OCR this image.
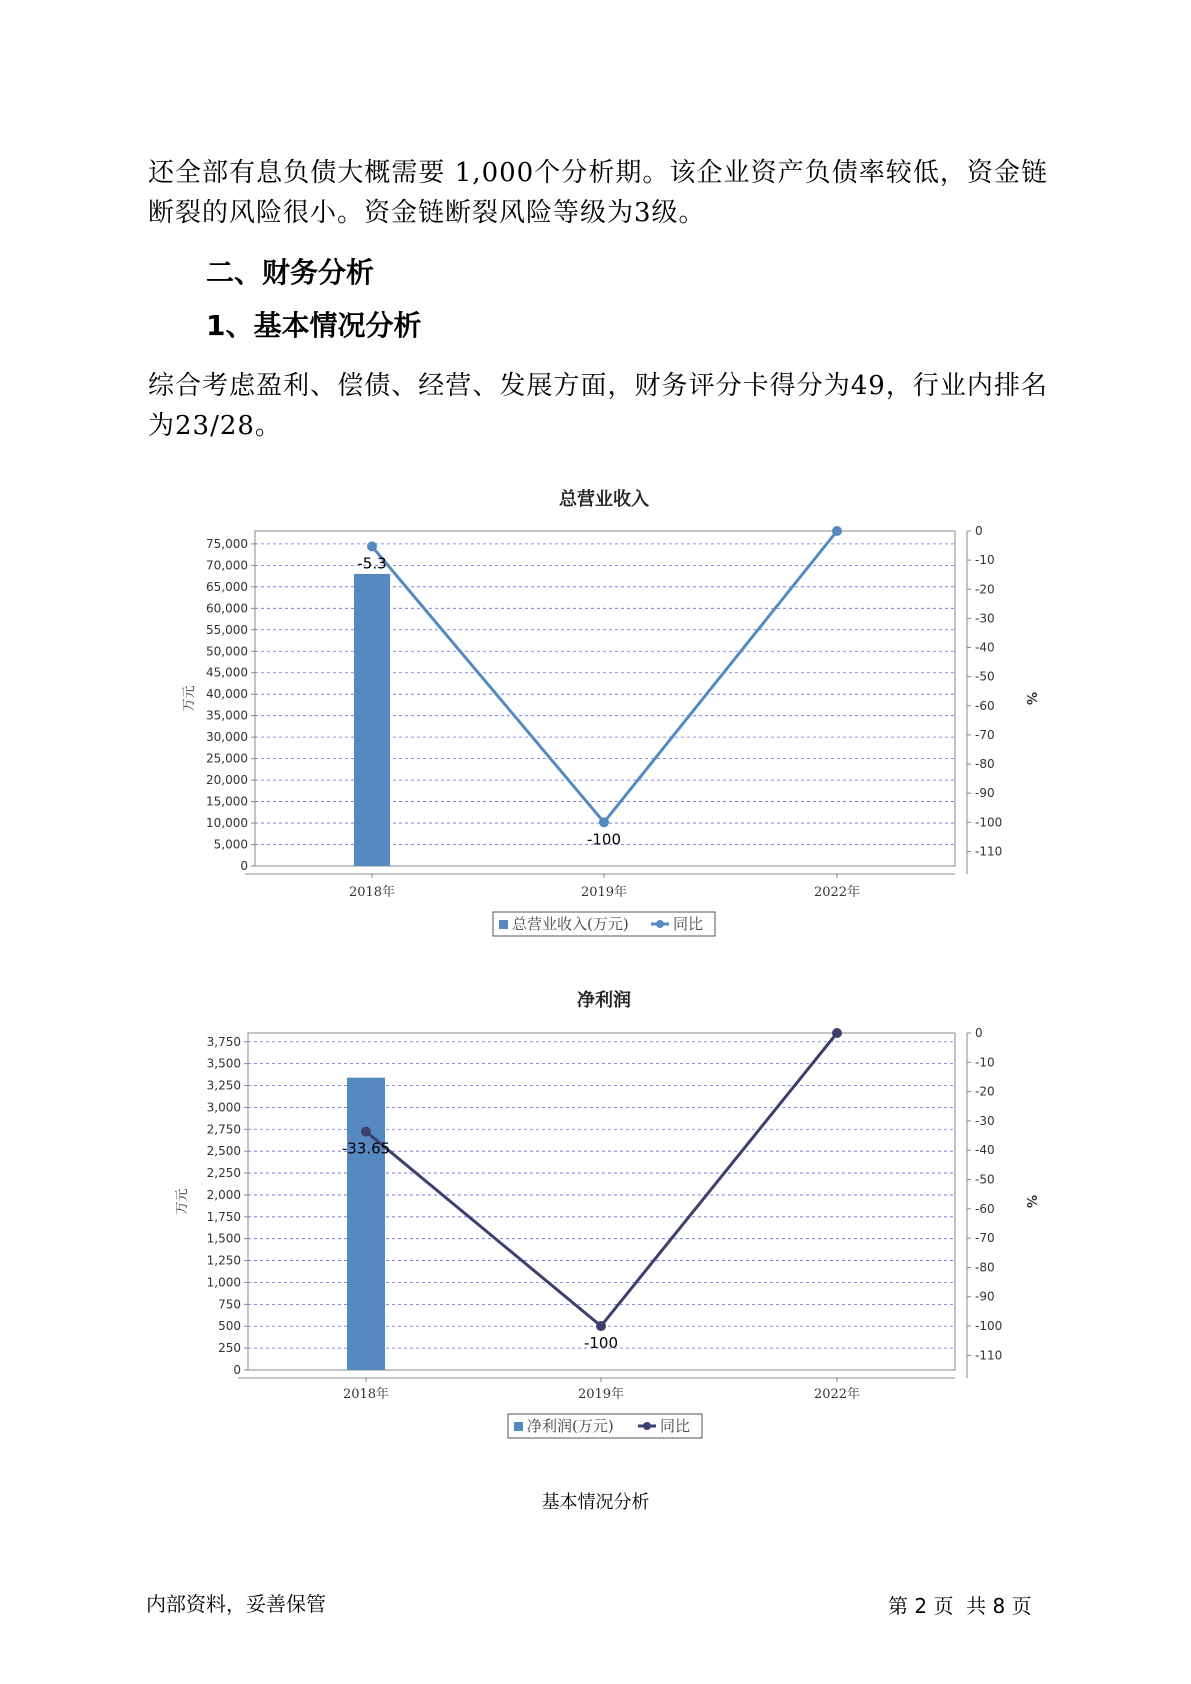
还全部有息负债大概需要 1,000个分析期。该企业资产负债率较低，资金链断裂的风险很小。资金链断裂风险等级为3级。
二、财务分析
1、基本情况分析
综合考虑盈利、偿债、经营、发展方面，财务评分卡得分为49，行业内排名为23/28。
总营业收入
0
5,000
10,000
15,000
20,000
25,000
30,000
35,000
40,000
45,000
50,000
55,000
60,000
65,000
70,000
75,000
0
-10
-20
-30
-40
-50
-60
-70
-80
-90
-100
-110
2018年	2019年	2022年
万元	%
-5.3
-100
总营业收入(万元)	同比
净利润
0
250
500
750
1,000
1,250
1,500
1,750
2,000
2,250
2,500
2,750
3,000
3,250
3,500
3,750
0
-10
-20
-30
-40
-50
-60
-70
-80
-90
-100
-110
2018年	2019年	2022年
万元	%
-33.65
-100
净利润(万元)	同比
基本情况分析
内部资料，妥善保管	第 2 页  共 8 页
